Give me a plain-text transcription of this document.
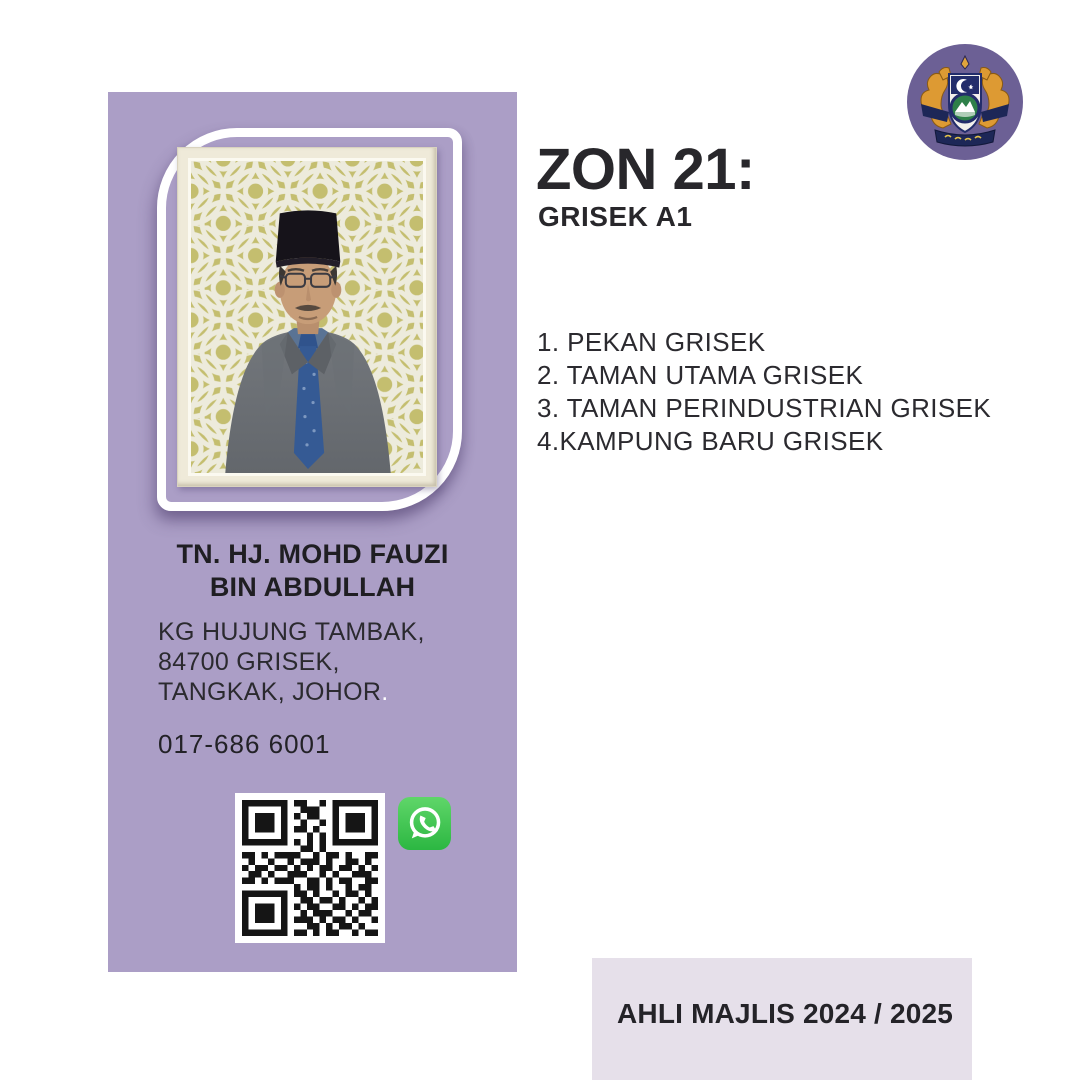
TN. HJ. MOHD FAUZI
BIN ABDULLAH
KG HUJUNG TAMBAK,
84700 GRISEK,
TANGKAK, JOHOR.
017-686 6001
ZON 21:
GRISEK A1
1. PEKAN GRISEK
2. TAMAN UTAMA GRISEK
3. TAMAN PERINDUSTRIAN GRISEK
4.KAMPUNG BARU GRISEK
AHLI MAJLIS 2024 / 2025
